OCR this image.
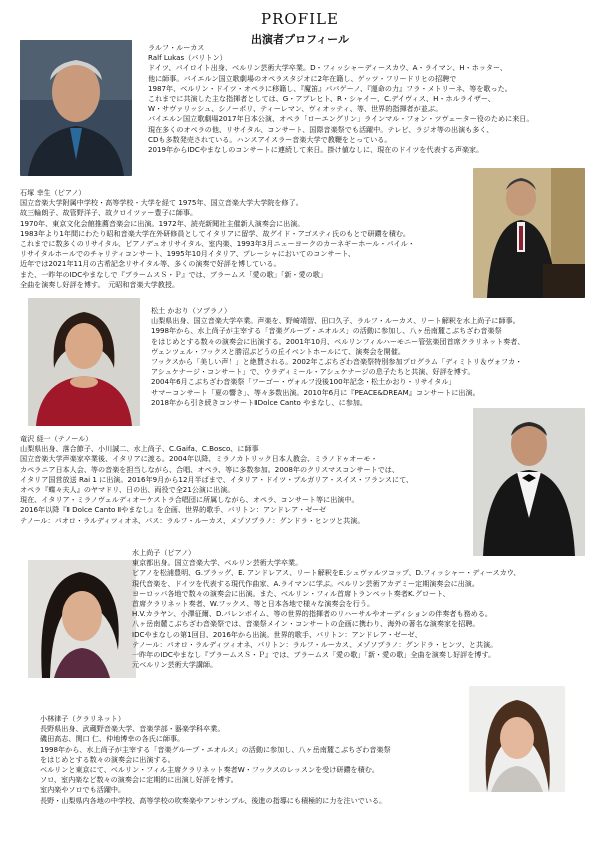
PROFILE
出演者プロフィール
ラルフ・ルーカス
Ralf Lukas（バリトン）
ドイツ、バイロイト出身、ベルリン芸術大学卒業。D・フィッシャーディースカウ、A・ライマン、H・ホッター、
他に師事。バイエルン国立歌劇場のオペラスタジオに2年在籍し、ゲッツ・フリードリヒの招聘で
1987年、ベルリン・ドイツ・オペラに移籍し、『魔笛』パパゲーノ、『運命の力』フラ・メトリーネ、等を歌った。
これまでに共演した主な指揮者としては、G・アブレヒト、R・シャイー、C.デイヴィス、H・ホルライザー、
W・サヴァリッシュ、シノーポリ、ティーレマン、ヴィオッティ、等、世界的指揮者が並ぶ。
バイエルン国立歌劇場2017年日本公演、オペラ「ローエングリン」ラインマル・フォン・ツヴェーター役のために来日。
現在多くのオペラの他、リサイタル、コンサート、国際音楽祭でも活躍中。テレビ、ラジオ等の出演も多く、
CDも多数発売されている。ハンスアイスラー音楽大学で教鞭をとっている。
2019年からIDCやまなしのコンサートに連続して来日。掛け値なしに、現在のドイツを代表する声楽家。
石塚 幸生（ピアノ）
国立音楽大学附属中学校・高等学校・大学を経て 1975年、国立音楽大学大学院を修了。
故三輪朗子、故管野洋子、故クロイツァー豊子に師事。
1970年、東京文化会館推薦音楽会に出演。1972年、読売新聞社主催新人演奏会に出演。
1983年より1年間にわたり昭和音楽大学在外研修員としてイタリアに留学、故グイド・アゴスティ氏のもとで研鑽を積む。
これまでに数多くのリサイタル、ピアノデュオリサイタル、室内楽、1993年3月ニューヨークのカーネギーホール・パイル・
リサイタルホールでのチャリティコンサート、1995年10月イタリア、プレーシャにおいてのコンサート、
近年では2021年11月の古希記念リサイタル等、多くの演奏で好評を博している。
また、一昨年のIDCやまなしで『ブラームスＳ・Ｐ』では、ブラームス「愛の歌」「新・愛の歌」
全曲を演奏し好評を博す。　元昭和音楽大学教授。
松土 かおり（ソプラノ）
山梨県出身、国立音楽大学卒業。声楽を、野崎靖智、田口久子、ラルフ・ルーカス、リート解釈を水上尚子に師事。
1998年から、水上尚子が主宰する「音楽グループ・エオルス」の活動に参加し、八ヶ岳南麓こぶちざわ音楽祭
をはじめとする数々の演奏会に出演する。2001年10月、ベルリンフィルハーモニー管弦楽団首席クラリネット奏者、
ヴェンツェル・フックスと勝沼ぶどうの丘イベントホールにて、演奏会を開催。
フックスから「美しい声！」と絶賛される。2002年こぶちざわ音楽祭特別参加プログラム「ディミトリ＆ヴォフカ・
アシュケナージ・コンサート」で、ウラディミール・アシュケナージの息子たちと共演、好評を博す。
2004年6月こぶちざわ音楽祭「フーゴー・ヴォルフ没後100年記念・松土かおり・リサイタル」
サマーコンサート「夏の響き」、等々多数出演。2010年6月に『PEACE&DREAM』コンサートに出演。
2018年から引き続きコンサートⅡDolce Canto やまなし、に参加。
竜沢 経一（テノール）
山梨県出身、落合節子、小川誠二、水上尚子、C.Gaifa、C.Bosco、に師事
国立音楽大学声楽家卒業後、イタリアに渡る。2004年以降、ミラノカトリック日本人教会、ミラノドゥオーモ・
カペラニア日本人会、等の音楽を担当しながら、合唱、オペラ、等に多数参加。2008年のクリスマスコンサートでは、
イタリア国営放送 Rai 1 に出演。2016年9月から12月半ばまで、イタリア・ドイツ・ブルガリア・スイス・フランスにて、
オペラ『蝶々夫人』のヤマドリ、日の出、両役で全21公演に出演。
現在、イタリア・ミラノヴェルディオーケストラ合唱団に所属しながら、オペラ、コンサート等に出演中。
2016年以降『Ⅱ Dolce Canto Ⅱやまなし』を企画、世界的歌手、バリトン：アンドレア・ゼーゼ
テノール：パオロ・ラルディツィオネ、バス：ラルフ・ルーカス、メゾソプラノ：グンドラ・ヒンツと共演。
水上尚子（ピアノ）
東京都出身。国立音楽大学、ベルリン芸術大学卒業。
ピアノを松浦豊明、G.ブラッグ、E. アンドレアス、リート解釈をE.シュヴァルツコップ、D.フィッシャー・ディースカウ、
現代音楽を、ドイツを代表する現代作曲家、A.ライマンに学ぶ。ベルリン芸術アカデミー定期演奏会に出演。
ヨーロッパ各地で数々の演奏会に出演。また、ベルリン・フィル首席トランペット奏者K.グロート、
首席クラリネット奏者、W.フックス、等と日本各地で様々な演奏会を行う。
H.V.カラヤン、小澤征爾、D.バレンボイム、等の世界的指揮者のリハーサルやオーディションの伴奏者も務める。
八ヶ岳南麓こぶちざわ音楽祭では、音楽祭メイン・コンサートの企画に携わり、海外の著名な演奏家を招聘。
IDCやまなしの第1回目、2016年から出演。世界的歌手、バリトン：アンドレア・ゼーゼ、
テノール：パオロ・ラルディツィオネ、バリトン：ラルフ・ルーカス、メゾソプラノ：グンドラ・ヒンツ、と共演。
一昨年のIDCやまなし『ブラームスＳ・Ｐ』では、ブラームス「愛の歌」「新・愛の歌」全曲を演奏し好評を博す。
元ベルリン芸術大学講師。
小林律子（クラリネット）
長野県出身、武蔵野音楽大学、音楽学部・器楽学科卒業。
磯田高志、関口 仁、仲地博幸の各氏に師事。
1998年から、水上尚子が主宰する「音楽グループ・エオルス」の活動に参加し、八ヶ岳南麓こぶちざわ音楽祭
をはじめとする数々の演奏会に出演する。
ベルリンと東京にて、ベルリン・フィル主席クラリネット奏者W・フックスのレッスンを受け研鑽を積む。
ソロ、室内楽など数々の演奏会に定期的に出演し好評を博す。
室内楽やソロでも活躍中。
長野・山梨県内各地の中学校、高等学校の吹奏楽やアンサンブル、後進の指導にも積極的に力を注いでいる。
